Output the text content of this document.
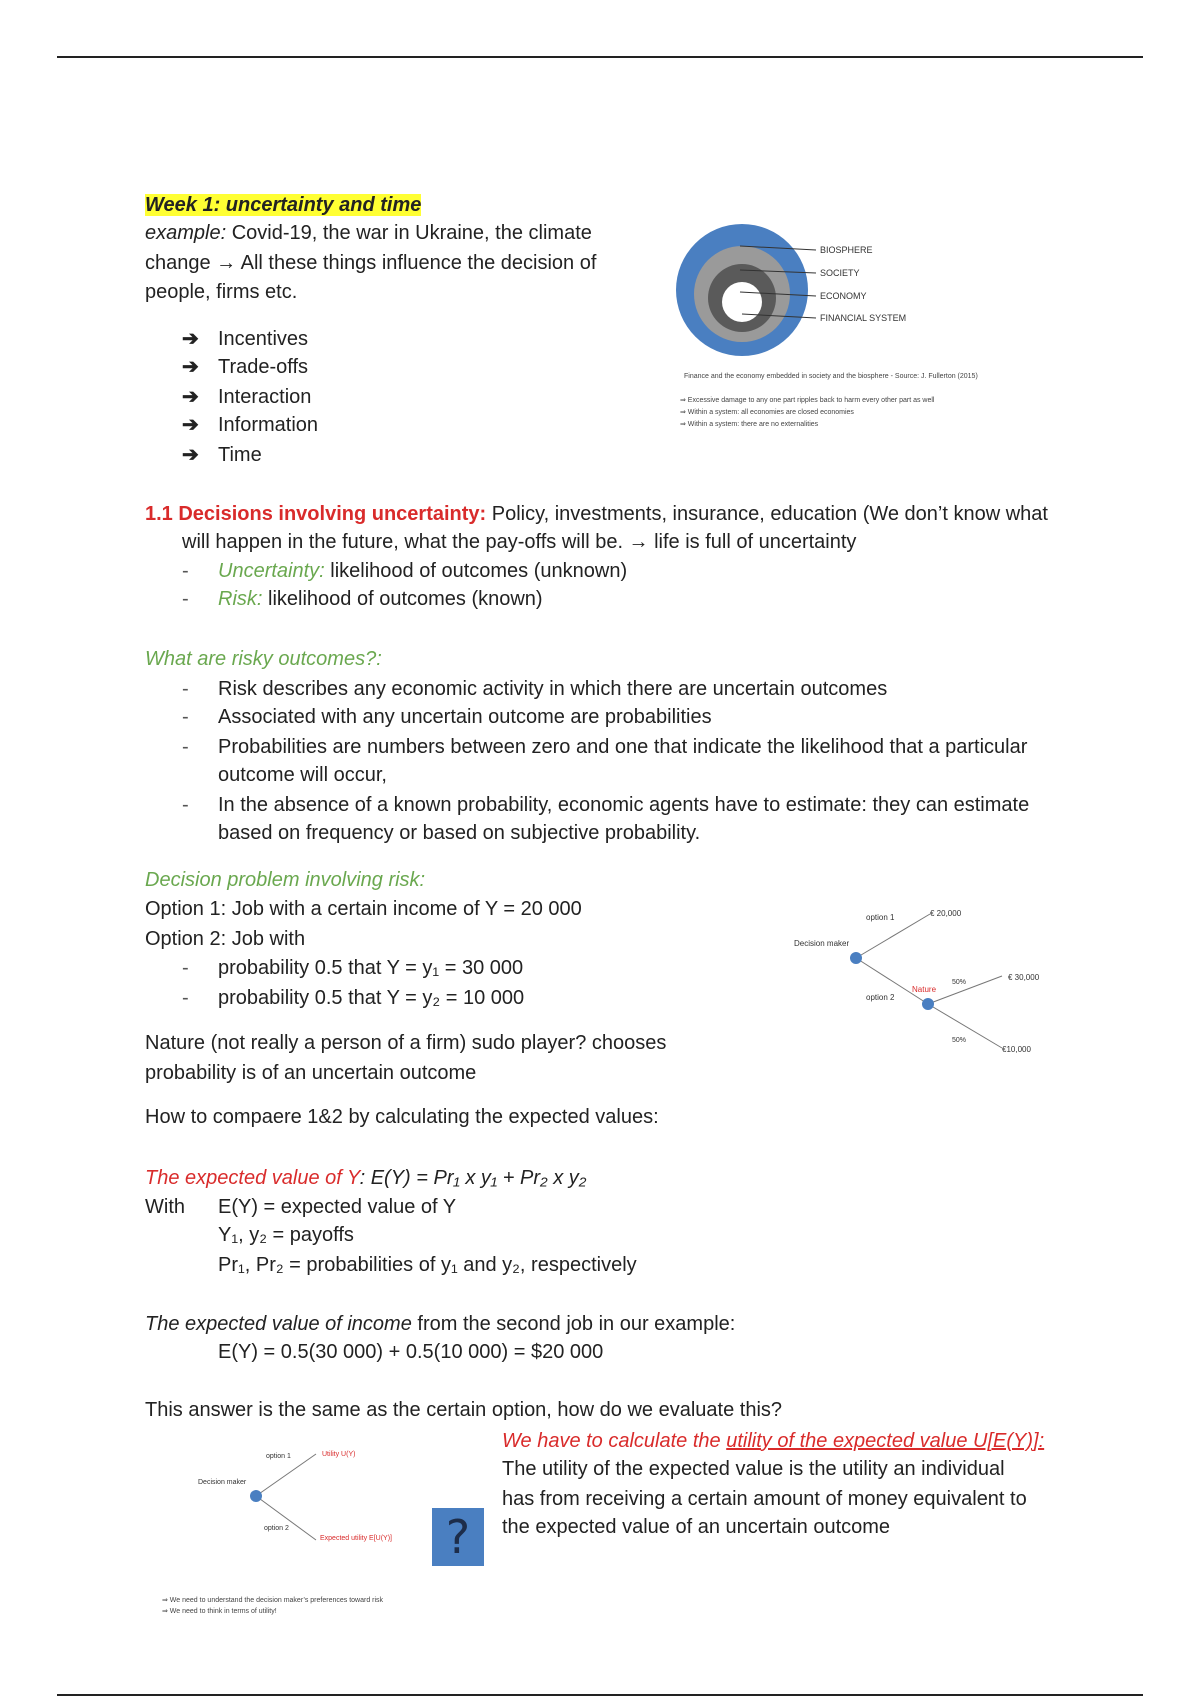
Week 1: uncertainty and time
example: Covid-19, the war in Ukraine, the climate
change → All these things influence the decision of
people, firms etc.
➔ Incentives
➔ Trade-offs
➔ Interaction
➔ Information
➔ Time
BIOSPHERE
SOCIETY
ECONOMY
FINANCIAL SYSTEM
Finance and the economy embedded in society and the biosphere - Source: J. Fullerton (2015)
⇒ Excessive damage to any one part ripples back to harm every other part as well
⇒ Within a system: all economies are closed economies
⇒ Within a system: there are no externalities
1.1 Decisions involving uncertainty: Policy, investments, insurance, education (We don’t know what
will happen in the future, what the pay-offs will be. → life is full of uncertainty
- Uncertainty: likelihood of outcomes (unknown)
- Risk: likelihood of outcomes (known)
What are risky outcomes?:
- Risk describes any economic activity in which there are uncertain outcomes
- Associated with any uncertain outcome are probabilities
- Probabilities are numbers between zero and one that indicate the likelihood that a particular
outcome will occur,
- In the absence of a known probability, economic agents have to estimate: they can estimate
based on frequency or based on subjective probability.
Decision problem involving risk:
Option 1: Job with a certain income of Y = 20 000
Option 2: Job with
- probability 0.5 that Y = y₁ = 30 000
- probability 0.5 that Y = y₂ = 10 000
Nature (not really a person of a firm) sudo player? chooses
probability is of an uncertain outcome
How to compaere 1&2 by calculating the expected values:
Decision maker
option 1
option 2
Nature
€ 20,000
€ 30,000
€10,000
50%
50%
The expected value of Y: E(Y) = Pr₁ x y₁ + Pr₂ x y₂
With E(Y) = expected value of Y
Y₁, y₂ = payoffs
Pr₁, Pr₂ = probabilities of y₁ and y₂, respectively
The expected value of income from the second job in our example:
E(Y) = 0.5(30 000) + 0.5(10 000) = $20 000
This answer is the same as the certain option, how do we evaluate this?
We have to calculate the utility of the expected value U[E(Y)]:
The utility of the expected value is the utility an individual
has from receiving a certain amount of money equivalent to
the expected value of an uncertain outcome
Decision maker
option 1
option 2
Utility U(Y)
Expected utility E[U(Y)] ?
⇒ We need to understand the decision maker’s preferences toward risk
⇒ We need to think in terms of utility!
